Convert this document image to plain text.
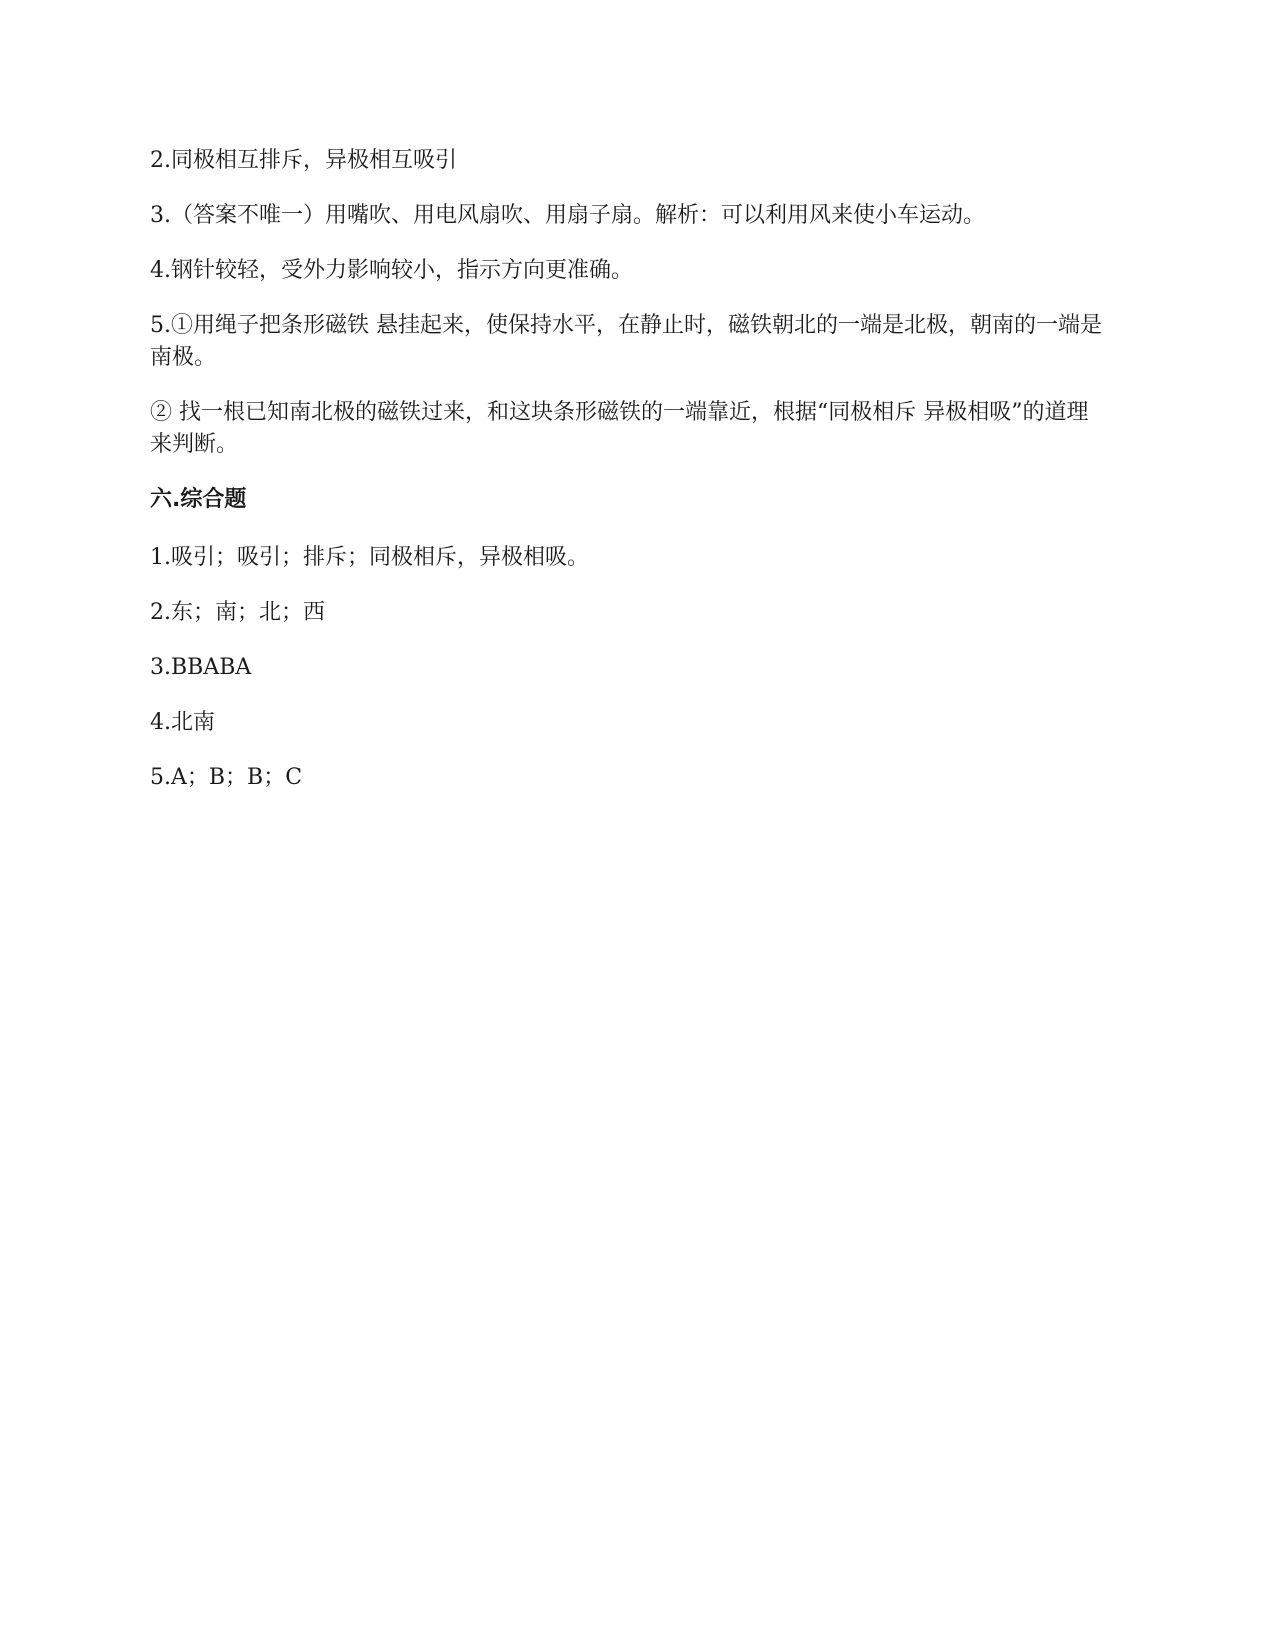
2.同极相互排斥，异极相互吸引

3.（答案不唯一）用嘴吹、用电风扇吹、用扇子扇。解析：可以利用风来使小车运动。

4.钢针较轻，受外力影响较小，指示方向更准确。

5.①用绳子把条形磁铁 悬挂起来，使保持水平，在静止时，磁铁朝北的一端是北极，朝南的一端是南极。

② 找一根已知南北极的磁铁过来，和这块条形磁铁的一端靠近，根据“同极相斥 异极相吸”的道理来判断。

六.综合题

1.吸引；吸引；排斥；同极相斥，异极相吸。

2.东；南；北；西

3.BBABA

4.北南

5.A；B；B；C
